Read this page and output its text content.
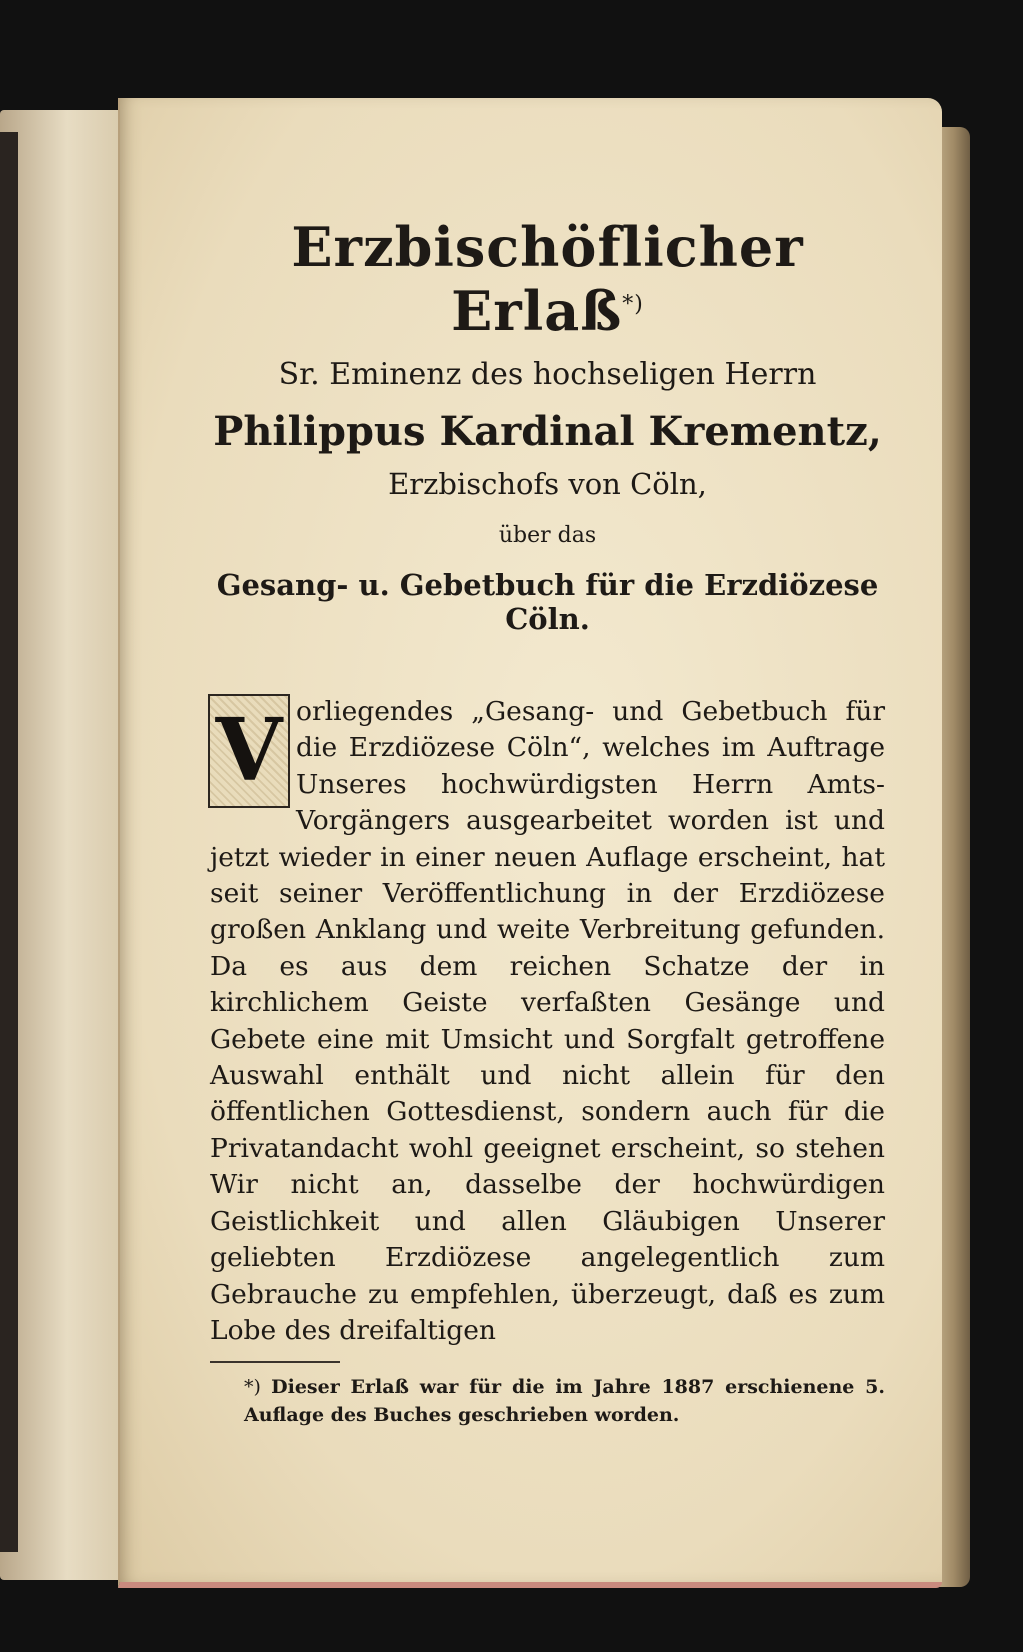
Erzbischöflicher Erlaß*)

Sr. Eminenz des hochseligen Herrn

Philippus Kardinal Krementz,

Erzbischofs von Cöln,

über das

Gesang- u. Gebetbuch für die Erzdiözese Cöln.

V orliegendes „Gesang- und Gebetbuch für die Erzdiözese Cöln“, welches im Auftrage Unseres hochwürdigsten Herrn Amts-Vorgängers ausgearbeitet worden ist und jetzt wieder in einer neuen Auflage erscheint, hat seit seiner Veröffentlichung in der Erzdiözese großen Anklang und weite Verbreitung gefunden. Da es aus dem reichen Schatze der in kirchlichem Geiste verfaßten Gesänge und Gebete eine mit Umsicht und Sorgfalt getroffene Auswahl enthält und nicht allein für den öffentlichen Gottesdienst, sondern auch für die Privatandacht wohl geeignet erscheint, so stehen Wir nicht an, dasselbe der hochwürdigen Geistlichkeit und allen Gläubigen Unserer geliebten Erzdiözese angelegentlich zum Gebrauche zu empfehlen, überzeugt, daß es zum Lobe des dreifaltigen

*) Dieser Erlaß war für die im Jahre 1887 erschienene 5. Auflage des Buches geschrieben worden.
